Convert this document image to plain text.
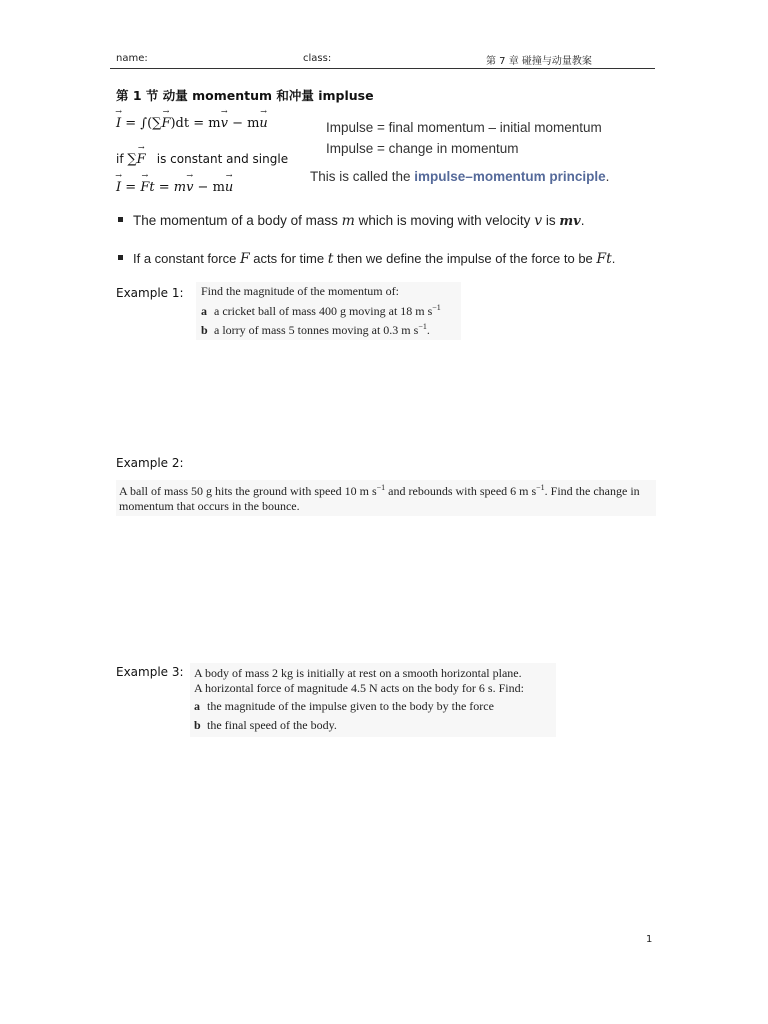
name:	class:	第 7 章 碰撞与动量教案
第 1 节 动量 momentum 和冲量 impluse
I → = ∫(∑F →)dt = mv → − mu →
if ∑F → is constant and single
I → = F →t = mv → − mu →
Impulse = final momentum – initial momentum
Impulse = change in momentum
This is called the impulse–momentum principle.
The momentum of a body of mass m which is moving with velocity v is mv.
If a constant force F acts for time t then we define the impulse of the force to be Ft.
Example 1: Find the magnitude of the momentum of:
a a cricket ball of mass 400 g moving at 18 m $s^{-1}$
b a lorry of mass 5 tonnes moving at 0.3 m $s^{-1}$.
Example 2:
A ball of mass 50 g hits the ground with speed 10 m $s^{-1}$ and rebounds with speed 6 m $s^{-1}$. Find the change in
momentum that occurs in the bounce.
Example 3: A body of mass 2 kg is initially at rest on a smooth horizontal plane.
A horizontal force of magnitude 4.5 N acts on the body for 6 s. Find:
a the magnitude of the impulse given to the body by the force
b the final speed of the body.
1
